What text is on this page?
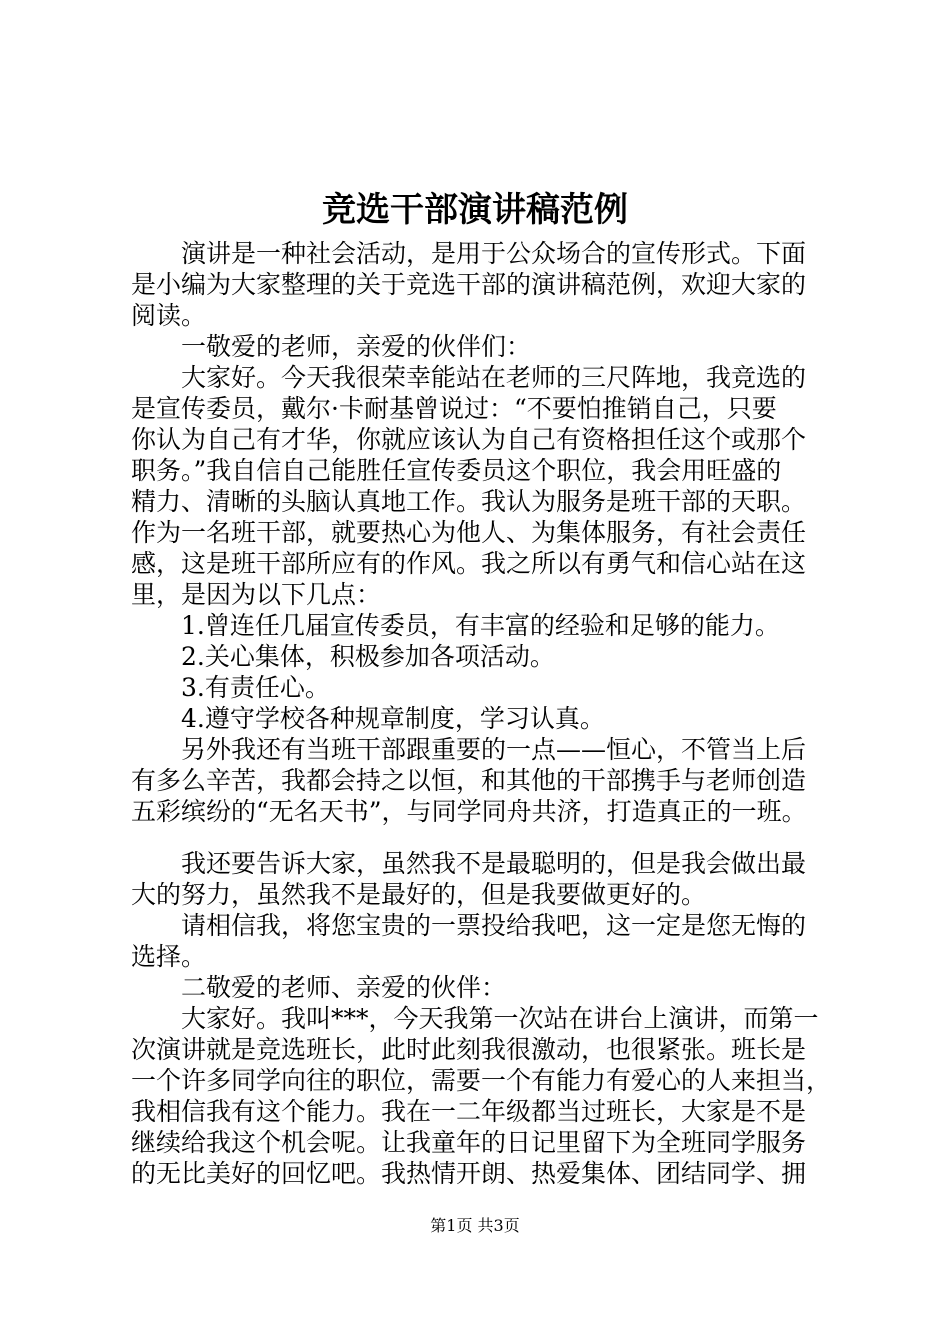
竞选干部演讲稿范例
　　演讲是一种社会活动，是用于公众场合的宣传形式。下面
是小编为大家整理的关于竞选干部的演讲稿范例，欢迎大家的
阅读。
　　一敬爱的老师，亲爱的伙伴们：
　　大家好。今天我很荣幸能站在老师的三尺阵地，我竞选的
是宣传委员，戴尔·卡耐基曾说过：“不要怕推销自己，只要
你认为自己有才华，你就应该认为自己有资格担任这个或那个
职务。”我自信自己能胜任宣传委员这个职位，我会用旺盛的
精力、清晰的头脑认真地工作。我认为服务是班干部的天职。
作为一名班干部，就要热心为他人、为集体服务，有社会责任
感，这是班干部所应有的作风。我之所以有勇气和信心站在这
里，是因为以下几点：
　　1.曾连任几届宣传委员，有丰富的经验和足够的能力。
　　2.关心集体，积极参加各项活动。
　　3.有责任心。
　　4.遵守学校各种规章制度，学习认真。
　　另外我还有当班干部跟重要的一点——恒心，不管当上后
有多么辛苦，我都会持之以恒，和其他的干部携手与老师创造
五彩缤纷的“无名天书”，与同学同舟共济，打造真正的一班。
　　我还要告诉大家，虽然我不是最聪明的，但是我会做出最
大的努力，虽然我不是最好的，但是我要做更好的。
　　请相信我，将您宝贵的一票投给我吧，这一定是您无悔的
选择。
　　二敬爱的老师、亲爱的伙伴：
　　大家好。我叫***，今天我第一次站在讲台上演讲，而第一
次演讲就是竞选班长，此时此刻我很激动，也很紧张。班长是
一个许多同学向往的职位，需要一个有能力有爱心的人来担当，
我相信我有这个能力。我在一二年级都当过班长，大家是不是
继续给我这个机会呢。让我童年的日记里留下为全班同学服务
的无比美好的回忆吧。我热情开朗、热爱集体、团结同学、拥
第1页 共3页
